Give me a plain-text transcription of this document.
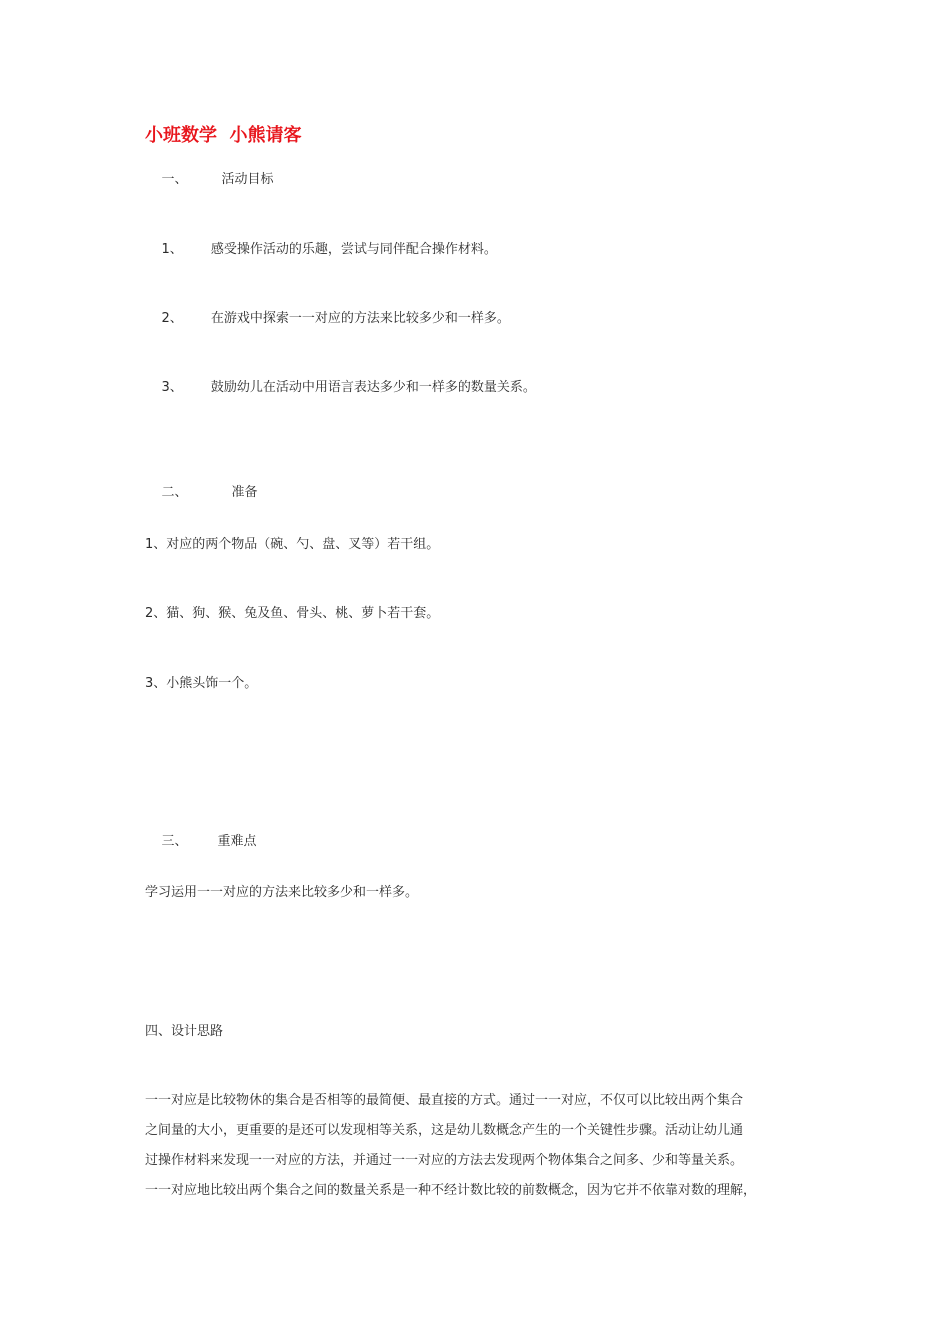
小班数学  小熊请客

一、	活动目标

1、 感受操作活动的乐趣，尝试与同伴配合操作材料。

2、 在游戏中探索一一对应的方法来比较多少和一样多。

3、 鼓励幼儿在活动中用语言表达多少和一样多的数量关系。

二、	准备

1、对应的两个物品（碗、勺、盘、叉等）若干组。
2、猫、狗、猴、兔及鱼、骨头、桃、萝卜若干套。
3、小熊头饰一个。

三、 重难点

学习运用一一对应的方法来比较多少和一样多。
四、设计思路
一一对应是比较物休的集合是否相等的最简便、最直接的方式。通过一一对应，不仅可以比较出两个集合
之间量的大小，更重要的是还可以发现相等关系，这是幼儿数概念产生的一个关键性步骤。活动让幼儿通
过操作材料来发现一一对应的方法，并通过一一对应的方法去发现两个物体集合之间多、少和等量关系。
一一对应地比较出两个集合之间的数量关系是一种不经计数比较的前数概念，因为它并不依靠对数的理解，
